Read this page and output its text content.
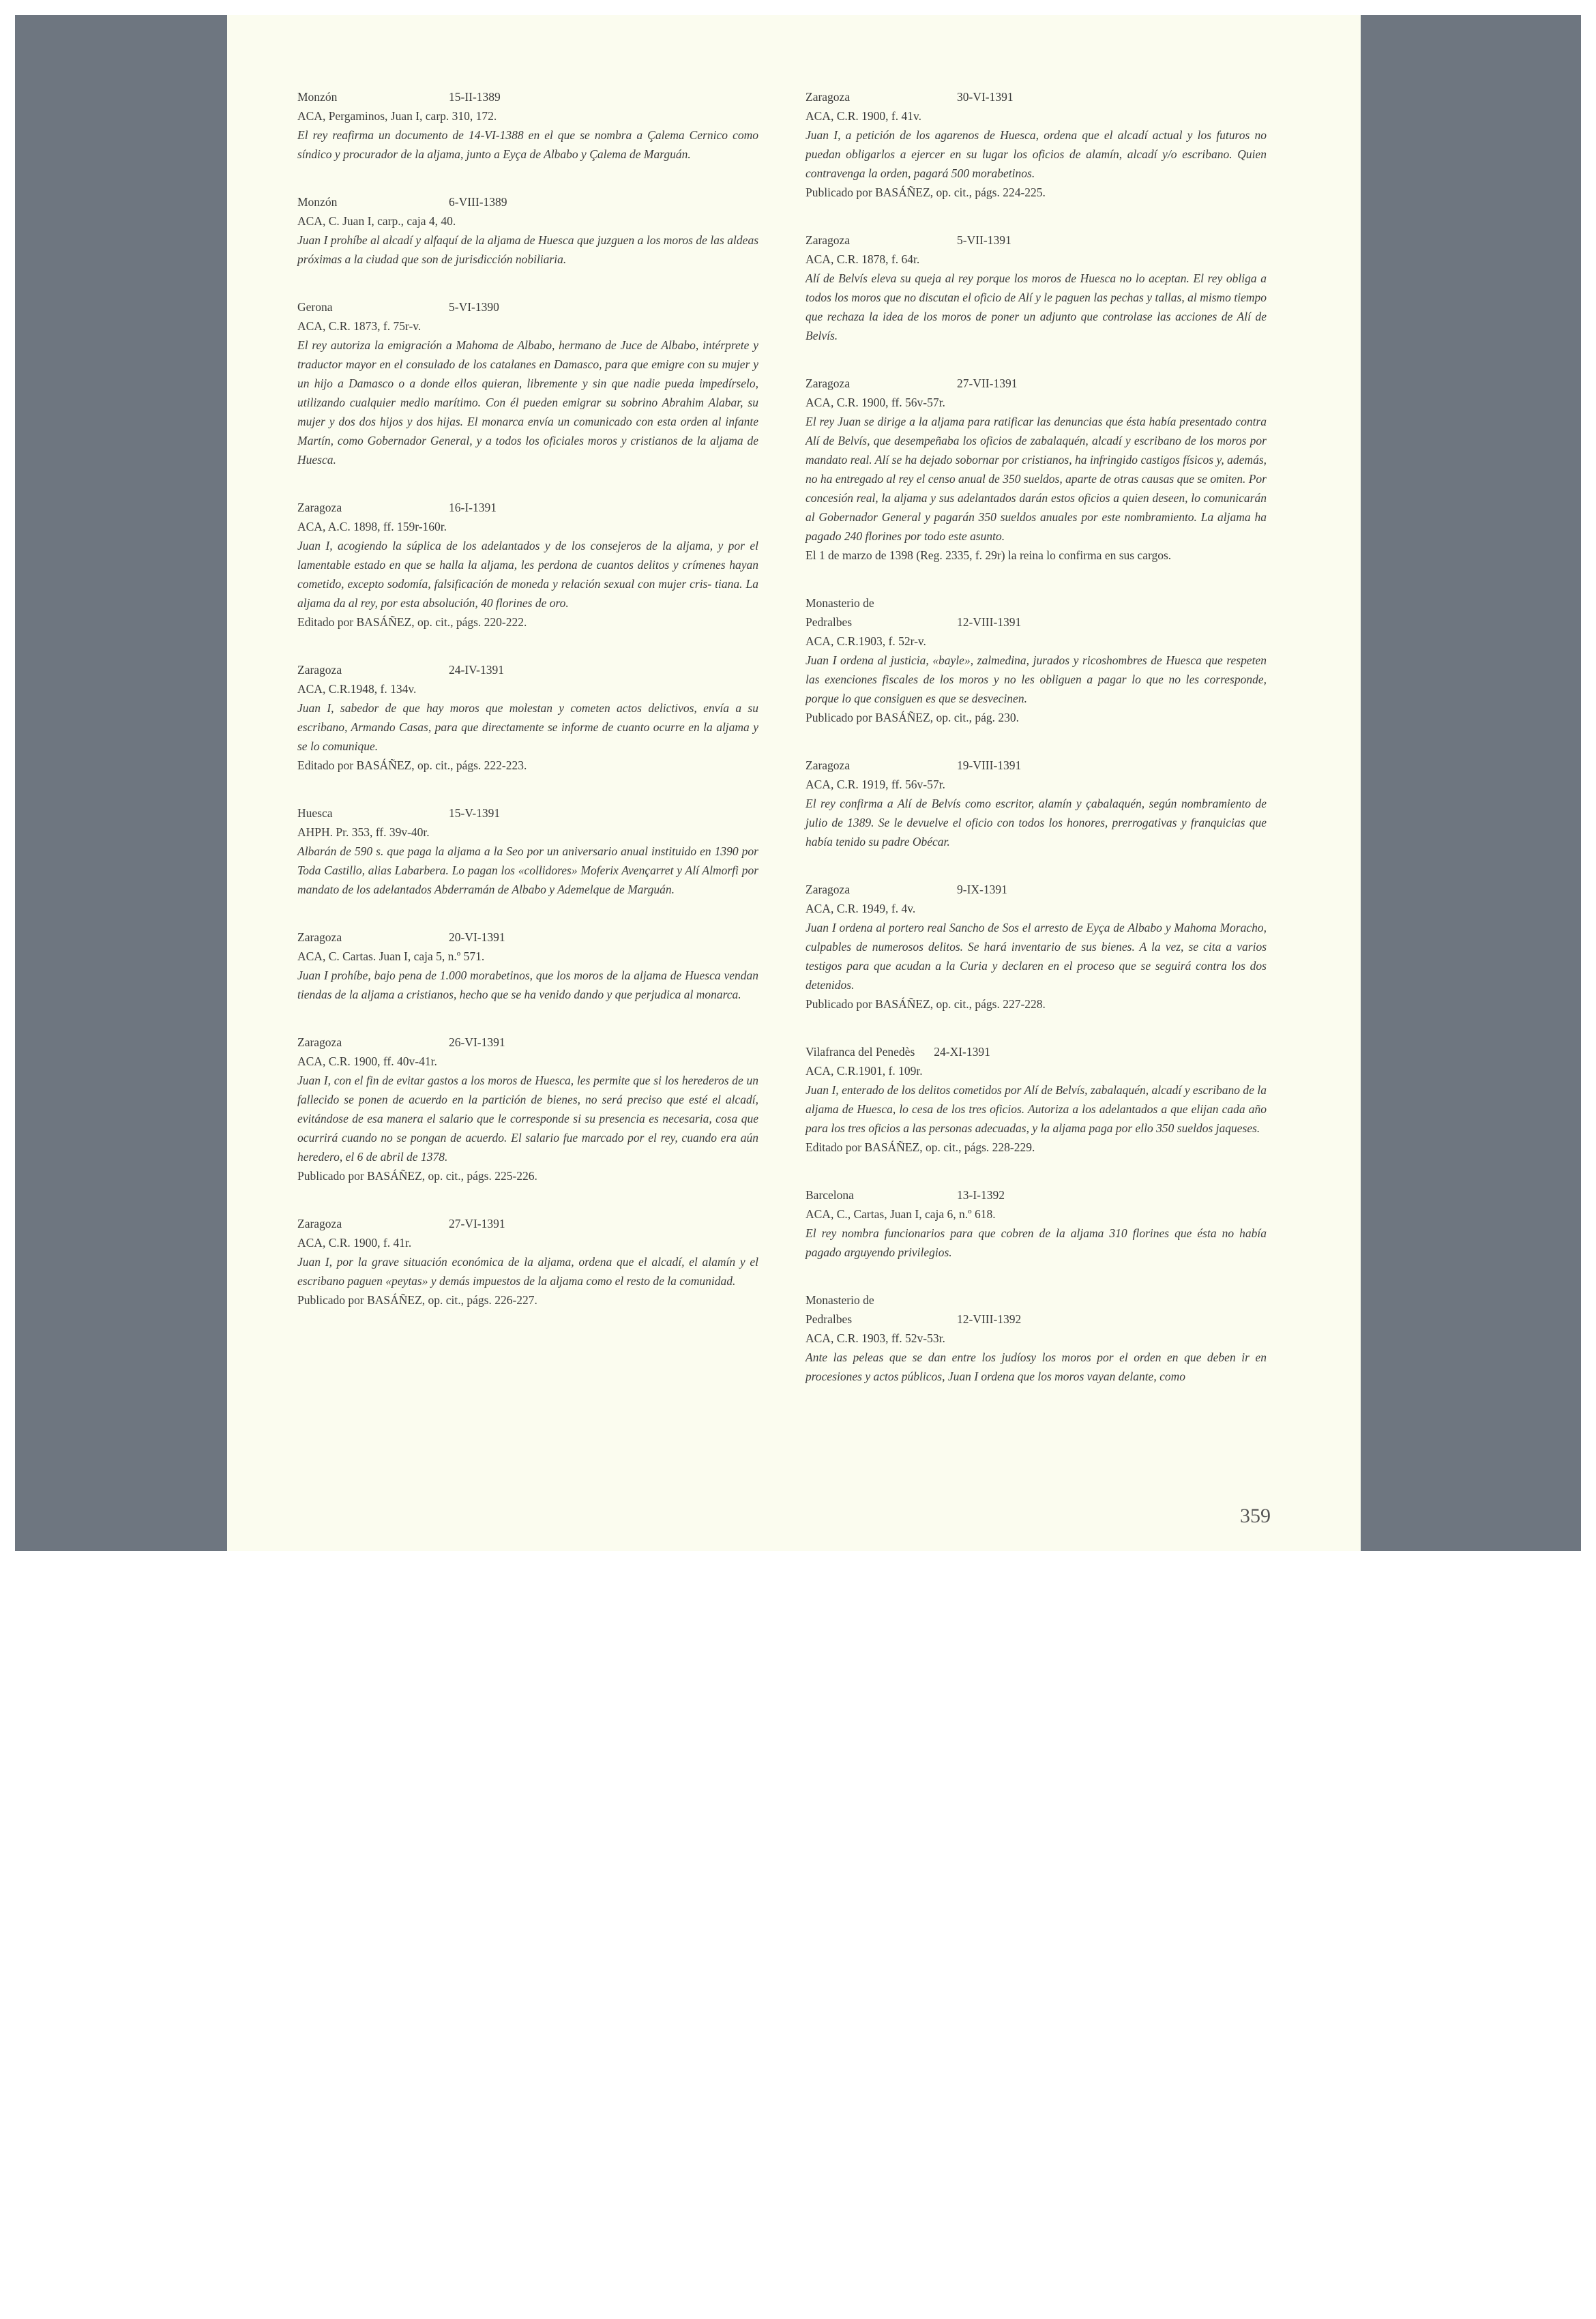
Monzón	15-II-1389

ACA, Pergaminos, Juan I, carp. 310, 172.

El rey reafirma un documento de 14-VI-1388 en el que se nombra a Çalema Cernico como síndico y procurador de la aljama, junto a Eyça de Albabo y Çalema de Marguán.

Monzón	6-VIII-1389

ACA, C. Juan I, carp., caja 4, 40.

Juan I prohíbe al alcadí y alfaquí de la aljama de Huesca que juzguen a los moros de las aldeas próximas a la ciudad que son de jurisdicción nobiliaria.

Gerona	5-VI-1390

ACA, C.R. 1873, f. 75r-v.

El rey autoriza la emigración a Mahoma de Albabo, hermano de Juce de Albabo, intérprete y traductor mayor en el consulado de los catalanes en Damasco, para que emigre con su mujer y un hijo a Damasco o a donde ellos quieran, libremente y sin que nadie pueda impedírselo, utilizando cualquier medio marítimo. Con él pueden emigrar su sobrino Abrahim Alabar, su mujer y dos dos hijos y dos hijas. El monarca envía un comunicado con esta orden al infante Martín, como Gobernador General, y a todos los oficiales moros y cristianos de la aljama de Huesca.

Zaragoza	16-I-1391

ACA, A.C. 1898, ff. 159r-160r.

Juan I, acogiendo la súplica de los adelantados y de los consejeros de la aljama, y por el lamentable estado en que se halla la aljama, les perdona de cuantos delitos y crímenes hayan cometido, excepto sodomía, falsificación de moneda y relación sexual con mujer cris- tiana. La aljama da al rey, por esta absolución, 40 florines de oro.

Editado por BASÁÑEZ, op. cit., págs. 220-222.

Zaragoza	24-IV-1391

ACA, C.R.1948, f. 134v.

Juan I, sabedor de que hay moros que molestan y cometen actos delictivos, envía a su escribano, Armando Casas, para que directamente se informe de cuanto ocurre en la aljama y se lo comunique.

Editado por BASÁÑEZ, op. cit., págs. 222-223.

Huesca	15-V-1391

AHPH. Pr. 353, ff. 39v-40r.

Albarán de 590 s. que paga la aljama a la Seo por un aniversario anual instituido en 1390 por Toda Castillo, alias Labarbera. Lo pagan los «collidores» Moferix Avençarret y Alí Almorfi por mandato de los adelantados Abderramán de Albabo y Ademelque de Marguán.

Zaragoza	20-VI-1391

ACA, C. Cartas. Juan I, caja 5, n.º 571.

Juan I prohíbe, bajo pena de 1.000 morabetinos, que los moros de la aljama de Huesca vendan tiendas de la aljama a cristianos, hecho que se ha venido dando y que perjudica al monarca.

Zaragoza	26-VI-1391

ACA, C.R. 1900, ff. 40v-41r.

Juan I, con el fin de evitar gastos a los moros de Huesca, les permite que si los herederos de un fallecido se ponen de acuerdo en la partición de bienes, no será preciso que esté el alcadí, evitándose de esa manera el salario que le corresponde si su presencia es necesaria, cosa que ocurrirá cuando no se pongan de acuerdo. El salario fue marcado por el rey, cuando era aún heredero, el 6 de abril de 1378.

Publicado por BASÁÑEZ, op. cit., págs. 225-226.

Zaragoza	27-VI-1391

ACA, C.R. 1900, f. 41r.

Juan I, por la grave situación económica de la aljama, ordena que el alcadí, el alamín y el escribano paguen «peytas» y demás impuestos de la aljama como el resto de la comunidad.

Publicado por BASÁÑEZ, op. cit., págs. 226-227.

Zaragoza	30-VI-1391

ACA, C.R. 1900, f. 41v.

Juan I, a petición de los agarenos de Huesca, ordena que el alcadí actual y los futuros no puedan obligarlos a ejercer en su lugar los oficios de alamín, alcadí y/o escribano. Quien contravenga la orden, pagará 500 morabetinos.

Publicado por BASÁÑEZ, op. cit., págs. 224-225.

Zaragoza	5-VII-1391

ACA, C.R. 1878, f. 64r.

Alí de Belvís eleva su queja al rey porque los moros de Huesca no lo aceptan. El rey obliga a todos los moros que no discutan el oficio de Alí y le paguen las pechas y tallas, al mismo tiempo que rechaza la idea de los moros de poner un adjunto que controlase las acciones de Alí de Belvís.

Zaragoza	27-VII-1391

ACA, C.R. 1900, ff. 56v-57r.

El rey Juan se dirige a la aljama para ratificar las denuncias que ésta había presentado contra Alí de Belvís, que desempeñaba los oficios de zabalaquén, alcadí y escribano de los moros por mandato real. Alí se ha dejado sobornar por cristianos, ha infringido castigos físicos y, además, no ha entregado al rey el censo anual de 350 sueldos, aparte de otras causas que se omiten. Por concesión real, la aljama y sus adelantados darán estos oficios a quien deseen, lo comunicarán al Gobernador General y pagarán 350 sueldos anuales por este nombramiento. La aljama ha pagado 240 florines por todo este asunto.

El 1 de marzo de 1398 (Reg. 2335, f. 29r) la reina lo confirma en sus cargos.

Monasterio de

Pedralbes	12-VIII-1391

ACA, C.R.1903, f. 52r-v.

Juan I ordena al justicia, «bayle», zalmedina, jurados y ricoshombres de Huesca que respeten las exenciones fiscales de los moros y no les obliguen a pagar lo que no les corresponde, porque lo que consiguen es que se desvecinen.

Publicado por BASÁÑEZ, op. cit., pág. 230.

Zaragoza	19-VIII-1391

ACA, C.R. 1919, ff. 56v-57r.

El rey confirma a Alí de Belvís como escritor, alamín y çabalaquén, según nombramiento de julio de 1389. Se le devuelve el oficio con todos los honores, prerrogativas y franquicias que había tenido su padre Obécar.

Zaragoza	9-IX-1391

ACA, C.R. 1949, f. 4v.

Juan I ordena al portero real Sancho de Sos el arresto de Eyça de Albabo y Mahoma Moracho, culpables de numerosos delitos. Se hará inventario de sus bienes. A la vez, se cita a varios testigos para que acudan a la Curia y declaren en el proceso que se seguirá contra los dos detenidos.

Publicado por BASÁÑEZ, op. cit., págs. 227-228.

Vilafranca del Penedès 24-XI-1391

ACA, C.R.1901, f. 109r.

Juan I, enterado de los delitos cometidos por Alí de Belvís, zabalaquén, alcadí y escribano de la aljama de Huesca, lo cesa de los tres oficios. Autoriza a los adelantados a que elijan cada año para los tres oficios a las personas adecuadas, y la aljama paga por ello 350 sueldos jaqueses.

Editado por BASÁÑEZ, op. cit., págs. 228-229.

Barcelona	13-I-1392

ACA, C., Cartas, Juan I, caja 6, n.º 618.

El rey nombra funcionarios para que cobren de la aljama 310 florines que ésta no había pagado arguyendo privilegios.

Monasterio de

Pedralbes	12-VIII-1392

ACA, C.R. 1903, ff. 52v-53r.

Ante las peleas que se dan entre los judíosy los moros por el orden en que deben ir en procesiones y actos públicos, Juan I ordena que los moros vayan delante, como

359
